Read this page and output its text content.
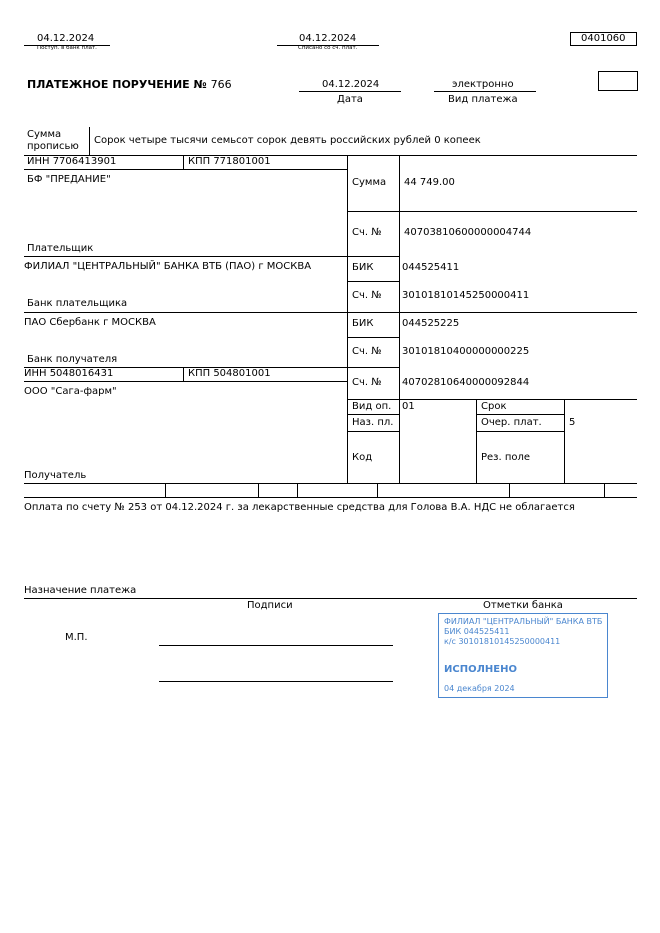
04.12.2024
Поступ. в банк плат.
04.12.2024
Списано со сч. плат.
0401060
ПЛАТЕЖНОЕ ПОРУЧЕНИЕ № 766	04.12.2024
Дата
электронно
Вид платежа
Сумма
прописью
Сорок четыре тысячи семьсот сорок девять российских рублей 0 копеек
ИНН 7706413901	КПП 771801001
БФ "ПРЕДАНИЕ"
Плательщик
Сумма 44 749.00
Сч. № 40703810600000004744
ФИЛИАЛ "ЦЕНТРАЛЬНЫЙ" БАНКА ВТБ (ПАО) г МОСКВА
Банк плательщика
БИК	044525411
Сч. № 30101810145250000411
ПАО Сбербанк г МОСКВА
Банк получателя
БИК	044525225
Сч. № 30101810400000000225
ИНН 5048016431	КПП 504801001
ООО "Сага-фарм"
Получатель
Сч. № 40702810640000092844
Вид оп. 01	Срок
Наз. пл.	Очер. плат.	5
Код	Рез. поле
Оплата по счету № 253 от 04.12.2024 г. за лекарственные средства для Голова В.А. НДС не облагается
Назначение платежа
Подписи	Отметки банка
М.П.
ФИЛИАЛ "ЦЕНТРАЛЬНЫЙ" БАНКА ВТБ
БИК 044525411
к/с 30101810145250000411
ИСПОЛНЕНО
04 декабря 2024
